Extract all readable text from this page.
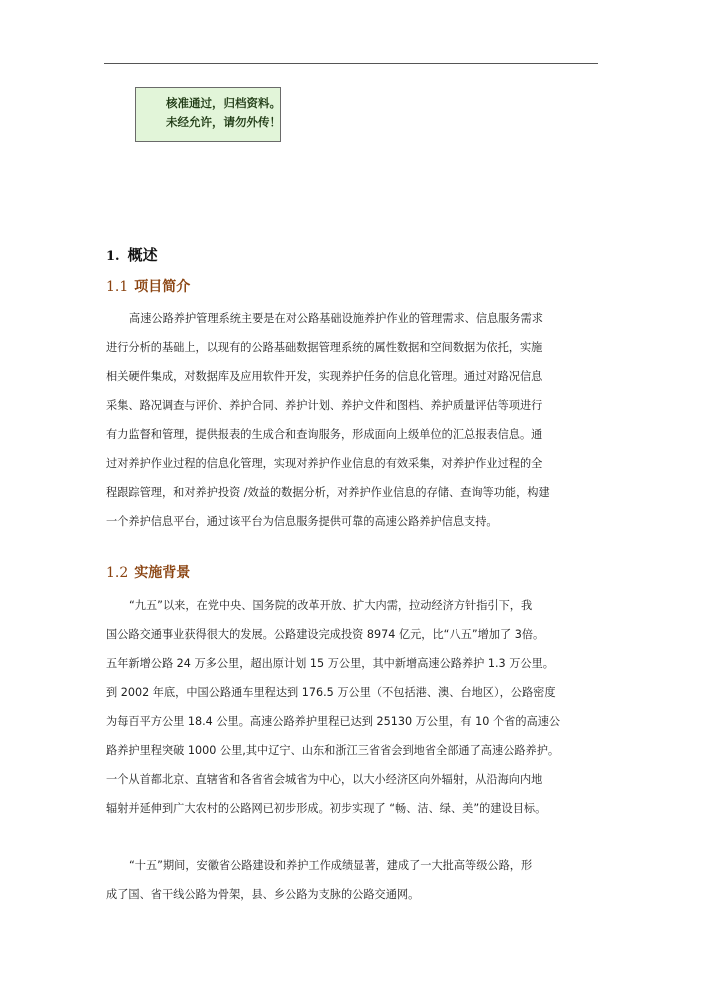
核准通过，归档资料。
未经允许，请勿外传！
1. 概述
1.1 项目简介
高速公路养护管理系统主要是在对公路基础设施养护作业的管理需求、信息服务需求
进行分析的基础上，以现有的公路基础数据管理系统的属性数据和空间数据为依托，实施
相关硬件集成，对数据库及应用软件开发，实现养护任务的信息化管理。通过对路况信息
采集、路况调查与评价、养护合同、养护计划、养护文件和图档、养护质量评估等项进行
有力监督和管理，提供报表的生成合和查询服务，形成面向上级单位的汇总报表信息。通
过对养护作业过程的信息化管理，实现对养护作业信息的有效采集，对养护作业过程的全
程跟踪管理，和对养护投资 /效益的数据分析，对养护作业信息的存储、查询等功能，构建
一个养护信息平台，通过该平台为信息服务提供可靠的高速公路养护信息支持。
1.2 实施背景
“九五”以来，在党中央、国务院的改革开放、扩大内需，拉动经济方针指引下，我
国公路交通事业获得很大的发展。公路建设完成投资 8974 亿元，比“八五”增加了 3倍。
五年新增公路 24 万多公里，超出原计划 15 万公里，其中新增高速公路养护 1.3 万公里。
到 2002 年底，中国公路通车里程达到 176.5 万公里（不包括港、澳、台地区），公路密度
为每百平方公里 18.4 公里。高速公路养护里程已达到 25130 万公里，有 10 个省的高速公
路养护里程突破 1000 公里,其中辽宁、山东和浙江三省省会到地省全部通了高速公路养护。
一个从首都北京、直辖省和各省省会城省为中心，以大小经济区向外辐射，从沿海向内地
辐射并延伸到广大农村的公路网已初步形成。初步实现了 “畅、洁、绿、美”的建设目标。
“十五”期间，安徽省公路建设和养护工作成绩显著，建成了一大批高等级公路，形
成了国、省干线公路为骨架，县、乡公路为支脉的公路交通网。
